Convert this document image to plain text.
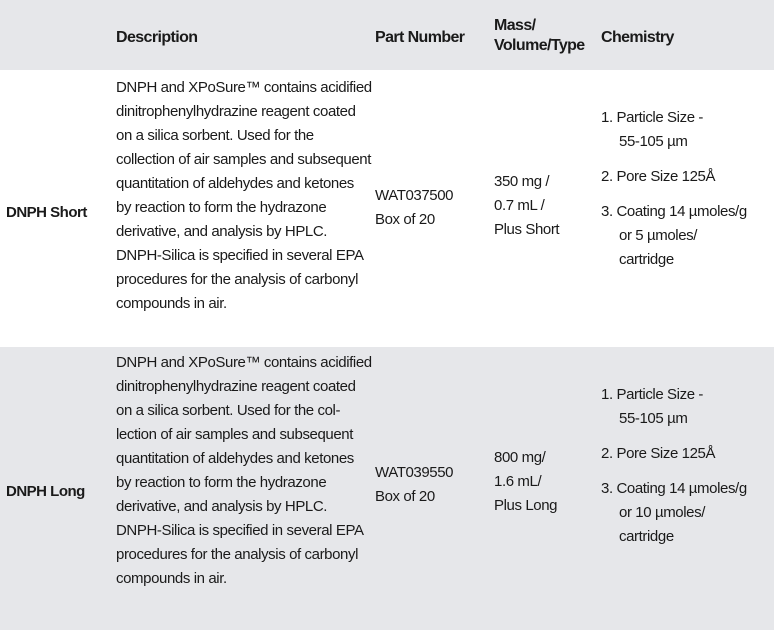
Description	Part Number
Mass/
Volume/Type	Chemistry
DNPH Short
DNPH and XPoSure™ contains acidified
dinitrophenylhydrazine reagent coated
on a silica sorbent. Used for the
collection of air samples and subsequent
quantitation of aldehydes and ketones
by reaction to form the hydrazone
derivative, and analysis by HPLC.
DNPH-Silica is specified in several EPA
procedures for the analysis of carbonyl
compounds in air.
WAT037500
Box of 20
350 mg /
0.7 mL /
Plus Short
1. Particle Size -
55-105 µm
2. Pore Size 125Å
3. Coating 14 µmoles/g
or 5 µmoles/
cartridge
DNPH Long
DNPH and XPoSure™ contains acidified
dinitrophenylhydrazine reagent coated
on a silica sorbent. Used for the col-
lection of air samples and subsequent
quantitation of aldehydes and ketones
by reaction to form the hydrazone
derivative, and analysis by HPLC.
DNPH-Silica is specified in several EPA
procedures for the analysis of carbonyl
compounds in air.
WAT039550
Box of 20
800 mg/
1.6 mL/
Plus Long
1. Particle Size -
55-105 µm
2. Pore Size 125Å
3. Coating 14 µmoles/g
or 10 µmoles/
cartridge
